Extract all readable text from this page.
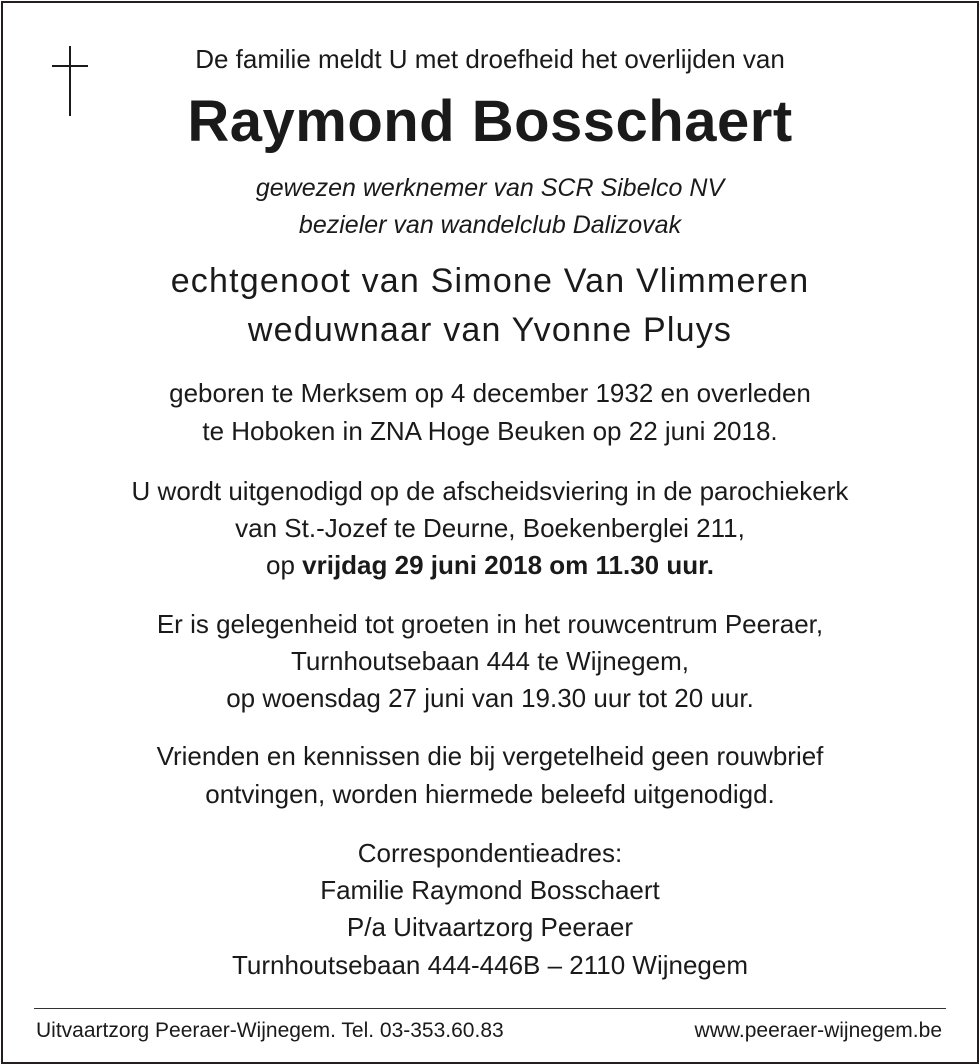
De familie meldt U met droefheid het overlijden van
Raymond Bosschaert
gewezen werknemer van SCR Sibelco NV
bezieler van wandelclub Dalizovak
echtgenoot van Simone Van Vlimmeren
weduwnaar van Yvonne Pluys
geboren te Merksem op 4 december 1932 en overleden
te Hoboken in ZNA Hoge Beuken op 22 juni 2018.
U wordt uitgenodigd op de afscheidsviering in de parochiekerk
van St.-Jozef te Deurne, Boekenberglei 211,
op vrijdag 29 juni 2018 om 11.30 uur.
Er is gelegenheid tot groeten in het rouwcentrum Peeraer,
Turnhoutsebaan 444 te Wijnegem,
op woensdag 27 juni van 19.30 uur tot 20 uur.
Vrienden en kennissen die bij vergetelheid geen rouwbrief
ontvingen, worden hiermede beleefd uitgenodigd.
Correspondentieadres:
Familie Raymond Bosschaert
P/a Uitvaartzorg Peeraer
Turnhoutsebaan 444-446B – 2110 Wijnegem
Uitvaartzorg Peeraer-Wijnegem. Tel. 03-353.60.83	www.peeraer-wijnegem.be
